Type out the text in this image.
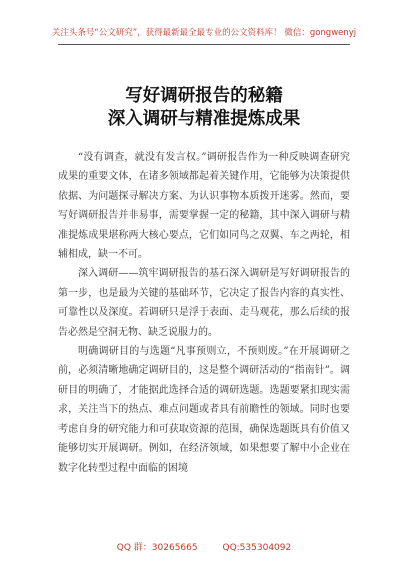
关注头条号“公文研究”，获得最新最全最专业的公文资料库！ 微信：gongwenyj
写好调研报告的秘籍
深入调研与精准提炼成果

“没有调查，就没有发言权。”调研报告作为一种反映调查研究成果的重要文体，在诸多领域都起着关键作用，它能够为决策提供依据、为问题探寻解决方案、为认识事物本质拨开迷雾。然而，要写好调研报告并非易事，需要掌握一定的秘籍，其中深入调研与精准提炼成果堪称两大核心要点，它们如同鸟之双翼、车之两轮，相辅相成，缺一不可。

深入调研——筑牢调研报告的基石深入调研是写好调研报告的第一步，也是最为关键的基础环节，它决定了报告内容的真实性、可靠性以及深度。若调研只是浮于表面、走马观花，那么后续的报告必然是空洞无物、缺乏说服力的。

明确调研目的与选题“凡事预则立，不预则废。”在开展调研之前，必须清晰地确定调研目的，这是整个调研活动的“指南针”。调研目的明确了，才能据此选择合适的调研选题。选题要紧扣现实需求，关注当下的热点、难点问题或者具有前瞻性的领域。同时也要考虑自身的研究能力和可获取资源的范围，确保选题既具有价值又能够切实开展调研。例如，在经济领域，如果想要了解中小企业在数字化转型过程中面临的困境

QQ 群：30265665	QQ:535304092
